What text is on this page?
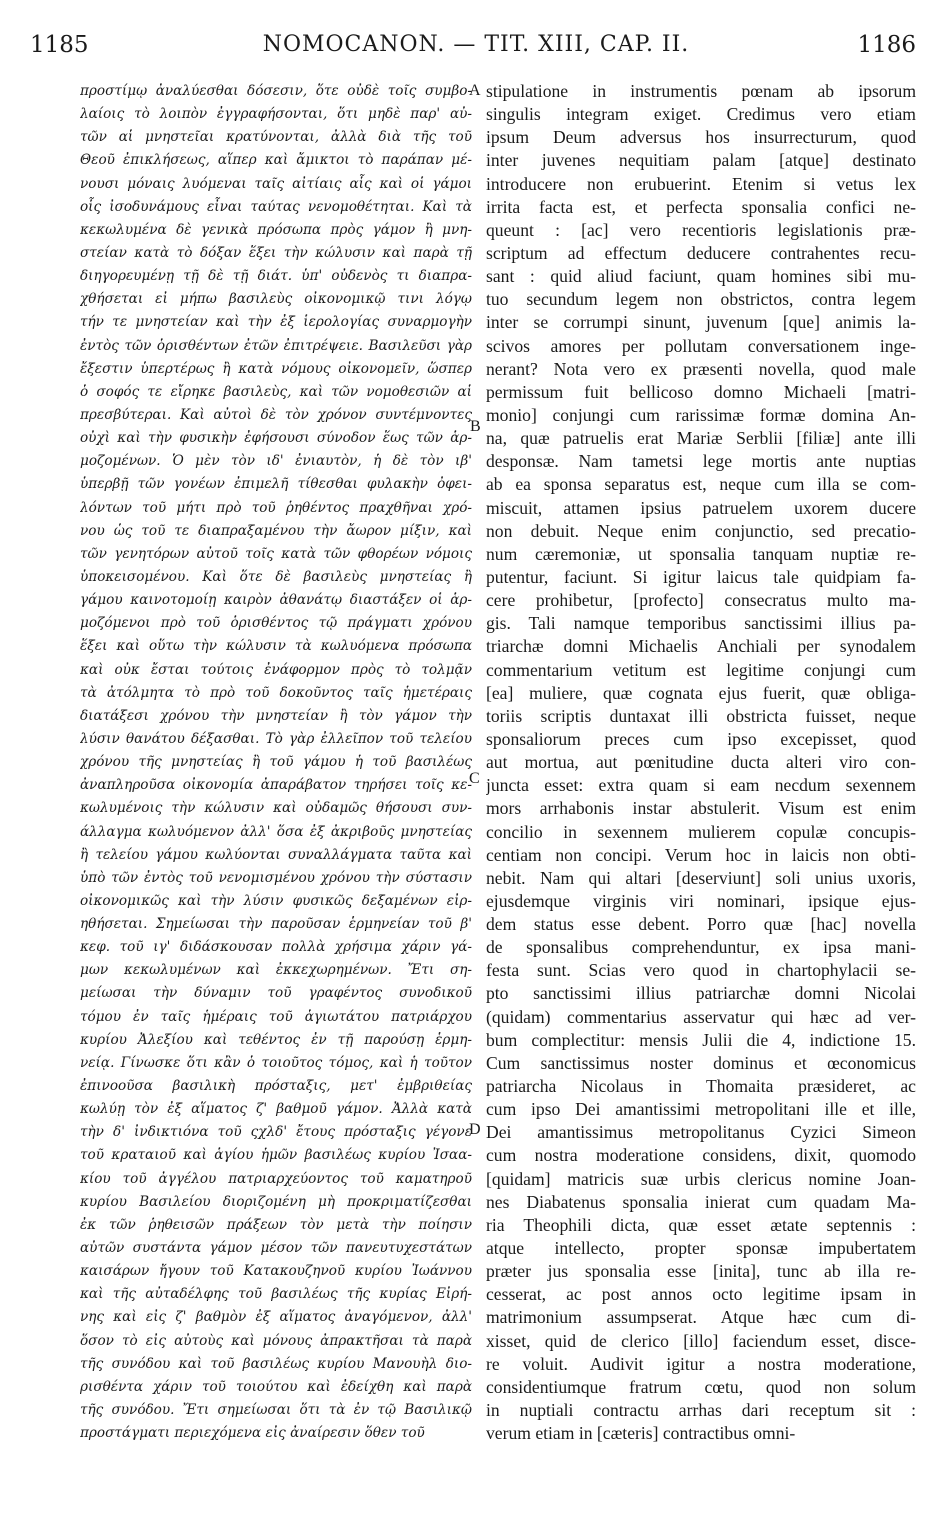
1185	NOMOCANON. — TIT. XIII, CAP. II.	1186
προστίμῳ ἀναλύεσθαι δόσεσιν, ὅτε οὐδὲ τοῖς συμβο-
λαίοις τὸ λοιπὸν ἐγγραφήσονται, ὅτι μηδὲ παρ' αὐ-
τῶν αἱ μνηστεῖαι κρατύνονται, ἀλλὰ διὰ τῆς τοῦ
Θεοῦ ἐπικλήσεως, αἵπερ καὶ ἄμικτοι τὸ παράπαν μέ-
νουσι μόναις λυόμεναι ταῖς αἰτίαις αἷς καὶ οἱ γάμοι
οἷς ἰσοδυνάμους εἶναι ταύτας νενομοθέτηται. Καὶ τὰ
κεκωλυμένα δὲ γενικὰ πρόσωπα πρὸς γάμον ἢ μνη-
στείαν κατὰ τὸ δόξαν ἕξει τὴν κώλυσιν καὶ παρὰ τῇ
διηγορευμένῃ τῇ δὲ τῇ διάτ. ὑπ' οὐδενὸς τι διαπρα-
χθήσεται εἰ μήπω βασιλεὺς οἰκονομικῷ τινι λόγῳ
τήν τε μνηστείαν καὶ τὴν ἐξ ἱερολογίας συναρμογὴν
ἐντὸς τῶν ὁρισθέντων ἐτῶν ἐπιτρέψειε. Βασιλεῦσι γὰρ
ἔξεστιν ὑπερτέρως ἢ κατὰ νόμους οἰκονομεῖν, ὥσπερ
ὁ σοφός τε εἴρηκε βασιλεὺς, καὶ τῶν νομοθεσιῶν αἱ
πρεσβύτεραι. Καὶ αὐτοὶ δὲ τὸν χρόνον συντέμνοντες
οὐχὶ καὶ τὴν φυσικὴν ἐφήσουσι σύνοδον ἕως τῶν ἁρ-
μοζομένων. Ὁ μὲν τὸν ιδ' ἐνιαυτὸν, ἡ δὲ τὸν ιβ'
ὑπερβῇ τῶν γονέων ἐπιμελῆ τίθεσθαι φυλακὴν ὀφει-
λόντων τοῦ μήτι πρὸ τοῦ ῥηθέντος πραχθῆναι χρό-
νου ὡς τοῦ τε διαπραξαμένου τὴν ἄωρον μίξιν, καὶ
τῶν γενητόρων αὐτοῦ τοῖς κατὰ τῶν φθορέων νόμοις
ὑποκεισομένου. Καὶ ὅτε δὲ βασιλεὺς μνηστείας ἢ
γάμου καινοτομοίῃ καιρὸν ἀθανάτῳ διαστάξεν οἱ ἁρ-
μοζόμενοι πρὸ τοῦ ὁρισθέντος τῷ πράγματι χρόνου
ἕξει καὶ οὕτω τὴν κώλυσιν τὰ κωλυόμενα πρόσωπα
καὶ οὐκ ἔσται τούτοις ἐνάφορμον πρὸς τὸ τολμᾷν
τὰ ἀτόλμητα τὸ πρὸ τοῦ δοκοῦντος ταῖς ἡμετέραις
διατάξεσι χρόνου τὴν μνηστείαν ἢ τὸν γάμον τὴν
λύσιν θανάτου δέξασθαι. Τὸ γὰρ ἐλλεῖπον τοῦ τελείου
χρόνου τῆς μνηστείας ἢ τοῦ γάμου ἡ τοῦ βασιλέως
ἀναπληροῦσα οἰκονομία ἀπαράβατον τηρήσει τοῖς κε-
κωλυμένοις τὴν κώλυσιν καὶ οὐδαμῶς θήσουσι συν-
άλλαγμα κωλυόμενον ἀλλ' ὅσα ἐξ ἀκριβοῦς μνηστείας
ἢ τελείου γάμου κωλύονται συναλλάγματα ταῦτα καὶ
ὑπὸ τῶν ἐντὸς τοῦ νενομισμένου χρόνου τὴν σύστασιν
οἰκονομικῶς καὶ τὴν λύσιν φυσικῶς δεξαμένων εἰρ-
ηθήσεται. Σημείωσαι τὴν παροῦσαν ἑρμηνείαν τοῦ β'
κεφ. τοῦ ιγ' διδάσκουσαν πολλὰ χρήσιμα χάριν γά-
μων κεκωλυμένων καὶ ἐκκεχωρημένων. Ἔτι ση-
μείωσαι τὴν δύναμιν τοῦ γραφέντος συνοδικοῦ
τόμου ἐν ταῖς ἡμέραις τοῦ ἁγιωτάτου πατριάρχου
κυρίου Ἀλεξίου καὶ τεθέντος ἐν τῇ παρούσῃ ἑρμη-
νείᾳ. Γίνωσκε ὅτι κἂν ὁ τοιοῦτος τόμος, καὶ ἡ τοῦτον
ἐπινοοῦσα βασιλικὴ πρόσταξις, μετ' ἐμβριθείας
κωλύῃ τὸν ἐξ αἵματος ζ' βαθμοῦ γάμον. Ἀλλὰ κατὰ
τὴν δ' ἰνδικτιόνα τοῦ ςχλδ' ἔτους πρόσταξις γέγονε
τοῦ κραταιοῦ καὶ ἁγίου ἡμῶν βασιλέως κυρίου Ἰσαα-
κίου τοῦ ἀγγέλου πατριαρχεύοντος τοῦ καματηροῦ
κυρίου Βασιλείου διοριζομένη μὴ προκριματίζεσθαι
ἐκ τῶν ῥηθεισῶν πράξεων τὸν μετὰ τὴν ποίησιν
αὐτῶν συστάντα γάμον μέσον τῶν πανευτυχεστάτων
καισάρων ἤγουν τοῦ Κατακουζηνοῦ κυρίου Ἰωάννου
καὶ τῆς αὐταδέλφης τοῦ βασιλέως τῆς κυρίας Εἰρή-
νης καὶ εἰς ζ' βαθμὸν ἐξ αἵματος ἀναγόμενον, ἀλλ'
ὅσον τὸ εἰς αὐτοὺς καὶ μόνους ἀπρακτῆσαι τὰ παρὰ
τῆς συνόδου καὶ τοῦ βασιλέως κυρίου Μανουὴλ διο-
ρισθέντα χάριν τοῦ τοιούτου καὶ ἐδείχθη καὶ παρὰ
τῆς συνόδου. Ἔτι σημείωσαι ὅτι τὰ ἐν τῷ Βασιλικῷ
προστάγματι περιεχόμενα εἰς ἀναίρεσιν ὅθεν τοῦ
stipulatione in instrumentis pœnam ab ipsorum
singulis integram exiget. Credimus vero etiam
ipsum Deum adversus hos insurrecturum, quod
inter juvenes nequitiam palam [atque] destinato
introducere non erubuerint. Etenim si vetus lex
irrita facta est, et perfecta sponsalia confici ne-
queunt : [ac] vero recentioris legislationis præ-
scriptum ad effectum deducere contrahentes recu-
sant : quid aliud faciunt, quam homines sibi mu-
tuo secundum legem non obstrictos, contra legem
inter se corrumpi sinunt, juvenum [que] animis la-
scivos amores per pollutam conversationem inge-
nerant? Nota vero ex præsenti novella, quod male
permissum fuit bellicoso domno Michaeli [matri-
monio] conjungi cum rarissimæ formæ domina An-
na, quæ patruelis erat Mariæ Serblii [filiæ] ante illi
desponsæ. Nam tametsi lege mortis ante nuptias
ab ea sponsa separatus est, neque cum illa se com-
miscuit, attamen ipsius patruelem uxorem ducere
non debuit. Neque enim conjunctio, sed precatio-
num cæremoniæ, ut sponsalia tanquam nuptiæ re-
putentur, faciunt. Si igitur laicus tale quidpiam fa-
cere prohibetur, [profecto] consecratus multo ma-
gis. Tali namque temporibus sanctissimi illius pa-
triarchæ domni Michaelis Anchiali per synodalem
commentarium vetitum est legitime conjungi cum
[ea] muliere, quæ cognata ejus fuerit, quæ obliga-
toriis scriptis duntaxat illi obstricta fuisset, neque
sponsaliorum preces cum ipso excepisset, quod
aut mortua, aut pœnitudine ducta alteri viro con-
juncta esset: extra quam si eam necdum sexennem
mors arrhabonis instar abstulerit. Visum est enim
concilio in sexennem mulierem copulæ concupis-
centiam non concipi. Verum hoc in laicis non obti-
nebit. Nam qui altari [deserviunt] soli unius uxoris,
ejusdemque virginis viri nominari, ipsique ejus-
dem status esse debent. Porro quæ [hac] novella
de sponsalibus comprehenduntur, ex ipsa mani-
festa sunt. Scias vero quod in chartophylacii se-
pto sanctissimi illius patriarchæ domni Nicolai
(quidam) commentarius asservatur qui hæc ad ver-
bum complectitur: mensis Julii die 4, indictione 15.
Cum sanctissimus noster dominus et œconomicus
patriarcha Nicolaus in Thomaita præsideret, ac
cum ipso Dei amantissimi metropolitani ille et ille,
Dei amantissimus metropolitanus Cyzici Simeon
cum nostra moderatione considens, dixit, quomodo
[quidam] matricis suæ urbis clericus nomine Joan-
nes Diabatenus sponsalia inierat cum quadam Ma-
ria Theophili dicta, quæ esset ætate septennis :
atque intellecto, propter sponsæ impubertatem
præter jus sponsalia esse [inita], tunc ab illa re-
cesserat, ac post annos octo legitime ipsam in
matrimonium assumpserat. Atque hæc cum di-
xisset, quid de clerico [illo] faciendum esset, disce-
re voluit. Audivit igitur a nostra moderatione,
considentiumque fratrum cœtu, quod non solum
in nuptiali contractu arrhas dari receptum sit :
verum etiam in [cæteris] contractibus omni-
A
B
C
D
